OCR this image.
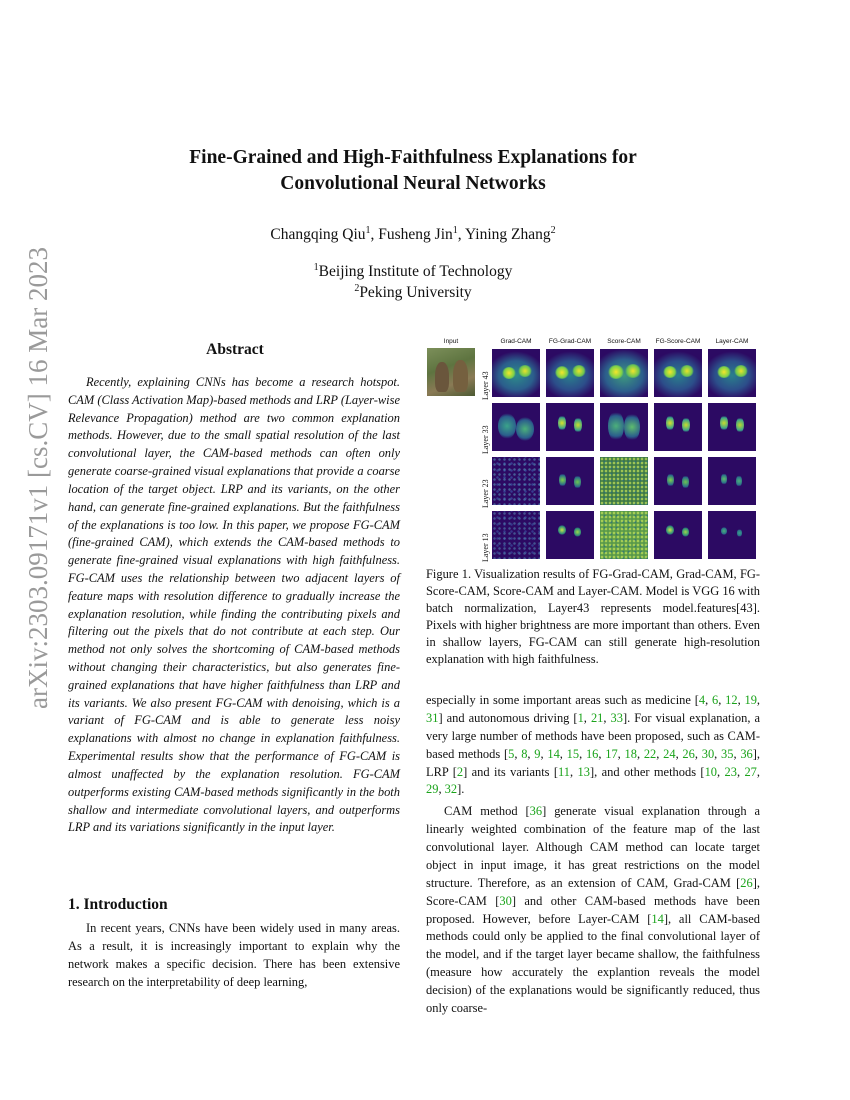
arXiv:2303.09171v1 [cs.CV] 16 Mar 2023
Fine-Grained and High-Faithfulness Explanations for
Convolutional Neural Networks
Changqing Qiu$^1$, Fusheng Jin$^1$, Yining Zhang$^2$
$^1$Beijing Institute of Technology
$^2$Peking University
Abstract

Recently, explaining CNNs has become a research hotspot. CAM (Class Activation Map)-based methods and LRP (Layer-wise Relevance Propagation) method are two common explanation methods. However, due to the small spatial resolution of the last convolutional layer, the CAM-based methods can often only generate coarse-grained visual explanations that provide a coarse location of the target object. LRP and its variants, on the other hand, can generate fine-grained explanations. But the faithfulness of the explanations is too low. In this paper, we propose FG-CAM (fine-grained CAM), which extends the CAM-based methods to generate fine-grained visual explanations with high faithfulness. FG-CAM uses the relationship between two adjacent layers of feature maps with resolution difference to gradually increase the explanation resolution, while finding the contributing pixels and filtering out the pixels that do not contribute at each step. Our method not only solves the shortcoming of CAM-based methods without changing their characteristics, but also generates fine-grained explanations that have higher faithfulness than LRP and its variants. We also present FG-CAM with denoising, which is a variant of FG-CAM and is able to generate less noisy explanations with almost no change in explanation faithfulness. Experimental results show that the performance of FG-CAM is almost unaffected by the explanation resolution. FG-CAM outperforms existing CAM-based methods significantly in the both shallow and intermediate convolutional layers, and outperforms LRP and its variations significantly in the input layer.

1. Introduction

In recent years, CNNs have been widely used in many areas. As a result, it is increasingly important to explain why the network makes a specific decision. There has been extensive research on the interpretability of deep learning,

Input	Grad-CAM	FG-Grad-CAM	Score-CAM	FG-Score-CAM	Layer-CAM
Layer 43
Layer 33
Layer 23
Layer 13
Figure 1. Visualization results of FG-Grad-CAM, Grad-CAM, FG-Score-CAM, Score-CAM and Layer-CAM. Model is VGG 16 with batch normalization, Layer43 represents model.features[43]. Pixels with higher brightness are more important than others. Even in shallow layers, FG-CAM can still generate high-resolution explanation with high faithfulness.

especially in some important areas such as medicine [4, 6, 12, 19, 31] and autonomous driving [1, 21, 33]. For visual explanation, a very large number of methods have been proposed, such as CAM-based methods [5, 8, 9, 14, 15, 16, 17, 18, 22, 24, 26, 30, 35, 36], LRP [2] and its variants [11, 13], and other methods [10, 23, 27, 29, 32].

CAM method [36] generate visual explanation through a linearly weighted combination of the feature map of the last convolutional layer. Although CAM method can locate target object in input image, it has great restrictions on the model structure. Therefore, as an extension of CAM, Grad-CAM [26], Score-CAM [30] and other CAM-based methods have been proposed. However, before Layer-CAM [14], all CAM-based methods could only be applied to the final convolutional layer of the model, and if the target layer became shallow, the faithfulness (measure how accurately the explantion reveals the model decision) of the explanations would be significantly reduced, thus only coarse-
